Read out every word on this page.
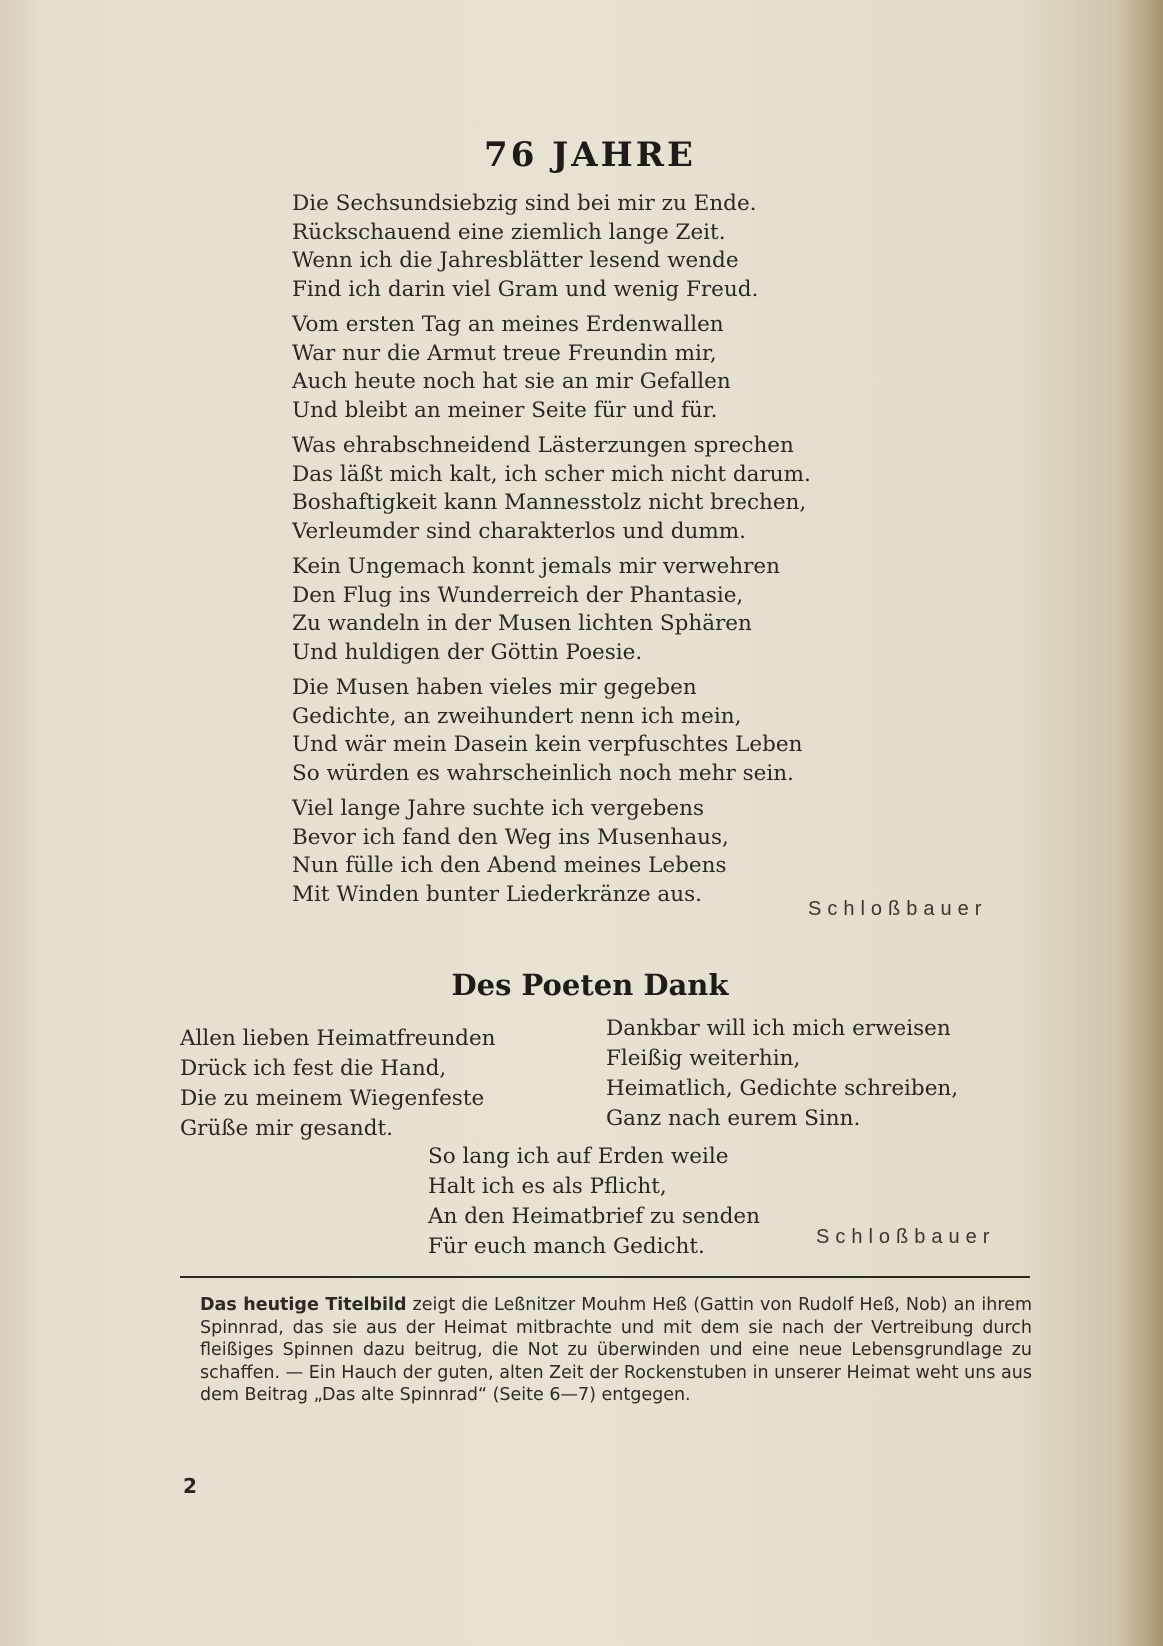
76 JAHRE
Die Sechsundsiebzig sind bei mir zu Ende.
Rückschauend eine ziemlich lange Zeit.
Wenn ich die Jahresblätter lesend wende
Find ich darin viel Gram und wenig Freud.
Vom ersten Tag an meines Erdenwallen
War nur die Armut treue Freundin mir,
Auch heute noch hat sie an mir Gefallen
Und bleibt an meiner Seite für und für.
Was ehrabschneidend Lästerzungen sprechen
Das läßt mich kalt, ich scher mich nicht darum.
Boshaftigkeit kann Mannesstolz nicht brechen,
Verleumder sind charakterlos und dumm.
Kein Ungemach konnt jemals mir verwehren
Den Flug ins Wunderreich der Phantasie,
Zu wandeln in der Musen lichten Sphären
Und huldigen der Göttin Poesie.
Die Musen haben vieles mir gegeben
Gedichte, an zweihundert nenn ich mein,
Und wär mein Dasein kein verpfuschtes Leben
So würden es wahrscheinlich noch mehr sein.
Viel lange Jahre suchte ich vergebens
Bevor ich fand den Weg ins Musenhaus,
Nun fülle ich den Abend meines Lebens
Mit Winden bunter Liederkränze aus.
Schloßbauer
Des Poeten Dank
Allen lieben Heimatfreunden
Drück ich fest die Hand,
Die zu meinem Wiegenfeste
Grüße mir gesandt.
Dankbar will ich mich erweisen
Fleißig weiterhin,
Heimatlich, Gedichte schreiben,
Ganz nach eurem Sinn.
So lang ich auf Erden weile
Halt ich es als Pflicht,
An den Heimatbrief zu senden
Für euch manch Gedicht.	Schloßbauer
Das heutige Titelbild zeigt die Leßnitzer Mouhm Heß (Gattin von Rudolf Heß, Nob) an ihrem Spinnrad, das sie aus der Heimat mitbrachte und mit dem sie nach der Vertreibung durch fleißiges Spinnen dazu beitrug, die Not zu überwinden und eine neue Lebensgrundlage zu schaffen. — Ein Hauch der guten, alten Zeit der Rockenstuben in unserer Heimat weht uns aus dem Beitrag „Das alte Spinnrad“ (Seite 6—7) entgegen.
2
